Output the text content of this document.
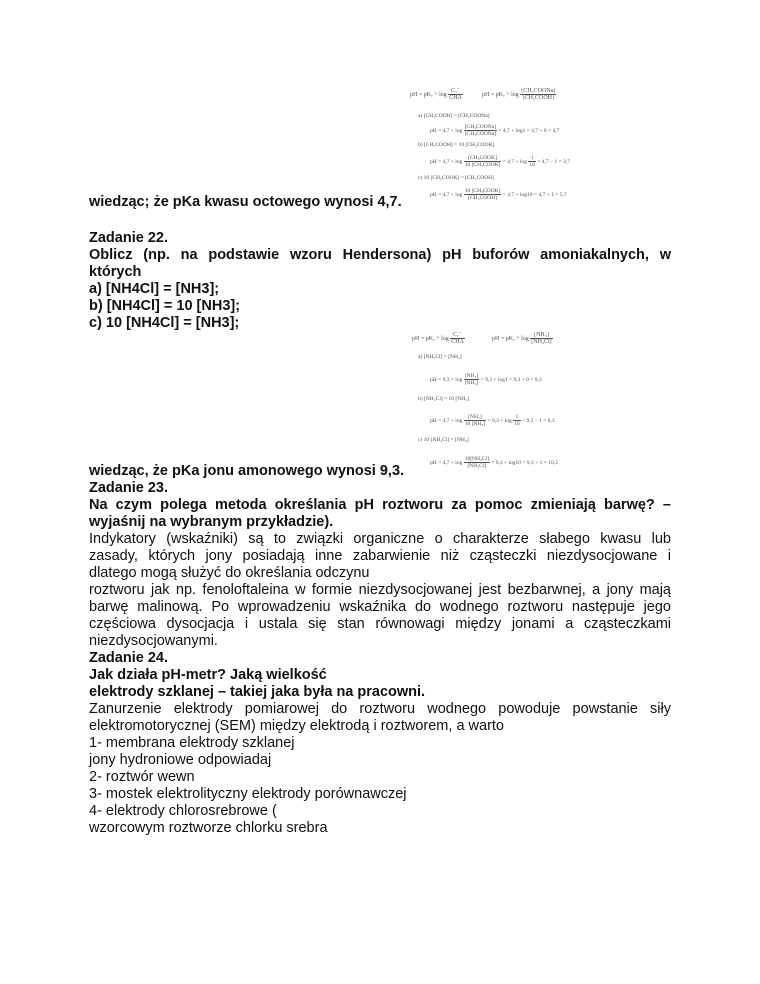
pH = $pK_a + \log \frac{\text{Cₐ⁻}}{\text{CHA}}$	pH = $pK_a + \log \frac{\text{[CH₃COONa]}}{\text{[CH₃COOH]}}$
a) [CH₃COOH] = [CH₃COONa]
pH = $4,7 + \log \frac{\text{[CH₃COONa]}}{\text{[CH₃COONa]}} = 4,7 + \log 1 = 4,7 + 0 = 4,7$
b) [CH₃COOH] = 10 [CH₃COOK]
pH = $4,7 + \log \frac{\text{[CH₃COOK]}}{\text{10 [CH₃COOK]}} = 4,7 + \log \frac{1}{10} = 4,7 - 1 = 3,7$
c) 10 [CH₃COOK] = [CH₃COOH]
pH = $4,7 + \log \frac{\text{10 [CH₃COOK]}}{\text{[CH₃COOH]}} = 4,7 + \log 10 = 4,7 + 1 = 5,7$
pH = $pK_a + \log \frac{\text{Cₐ⁻}}{\text{CHA}}$	pH = $pK_a + \log \frac{\text{[NH₃]}}{\text{[NH₄Cl]}}$
a) [NH₄Cl] = [NH₃]
pH = $9,3 + \log \frac{\text{[NH₃]}}{\text{[NH₃]}} = 9,3 + \log 1 = 9,3 + 0 = 9,3$
b) [NH₄Cl] = 10 [NH₃]
pH = $4,7 + \log \frac{\text{[NH₃]}}{\text{10 [NH₃]}} = 9,3 + \log \frac{1}{10} = 9,3 - 1 = 8,3$
c) 10 [NH₄Cl] = [NH₃]
pH = $4,7 + \log \frac{\text{10[NH₄Cl]}}{\text{[NH₄Cl]}} = 9,3 + \log 10 = 9,3 + 1 = 10,3$

wiedząc; że pKa kwasu octowego wynosi 4,7.

Zadanie 22.

Oblicz (np. na podstawie wzoru Hendersona) pH buforów amoniakalnych, w

których

a) [NH4Cl] = [NH3];

b) [NH4Cl] = 10 [NH3];

c) 10 [NH4Cl] = [NH3];

wiedząc, że pKa jonu amonowego wynosi 9,3.

Zadanie 23.

Na czym polega metoda określania pH roztworu za pomoc zmieniają barwę? –

wyjaśnij na wybranym przykładzie).

Indykatory (wskaźniki) są to związki organiczne o charakterze słabego kwasu lub

zasady, których jony posiadają inne zabarwienie niż cząsteczki niezdysocjowane i

dlatego mogą służyć do określania odczynu

roztworu jak np. fenoloftaleina w formie niezdysocjowanej jest bezbarwnej, a jony mają

barwę malinową. Po wprowadzeniu wskaźnika do wodnego roztworu następuje jego

częściowa dysocjacja i ustala się stan równowagi między jonami a cząsteczkami

niezdysocjowanymi.

Zadanie 24.

Jak działa pH-metr? Jaką wielkość

elektrody szklanej – takiej jaka była na pracowni.

Zanurzenie elektrody pomiarowej do roztworu wodnego powoduje powstanie siły

elektromotorycznej (SEM) między elektrodą i roztworem, a warto

1- membrana elektrody szklanej

jony hydroniowe odpowiadaj

2- roztwór wewn

3- mostek elektrolityczny elektrody porównawczej

4- elektrody chlorosrebrowe (

wzorcowym roztworze chlorku srebra
